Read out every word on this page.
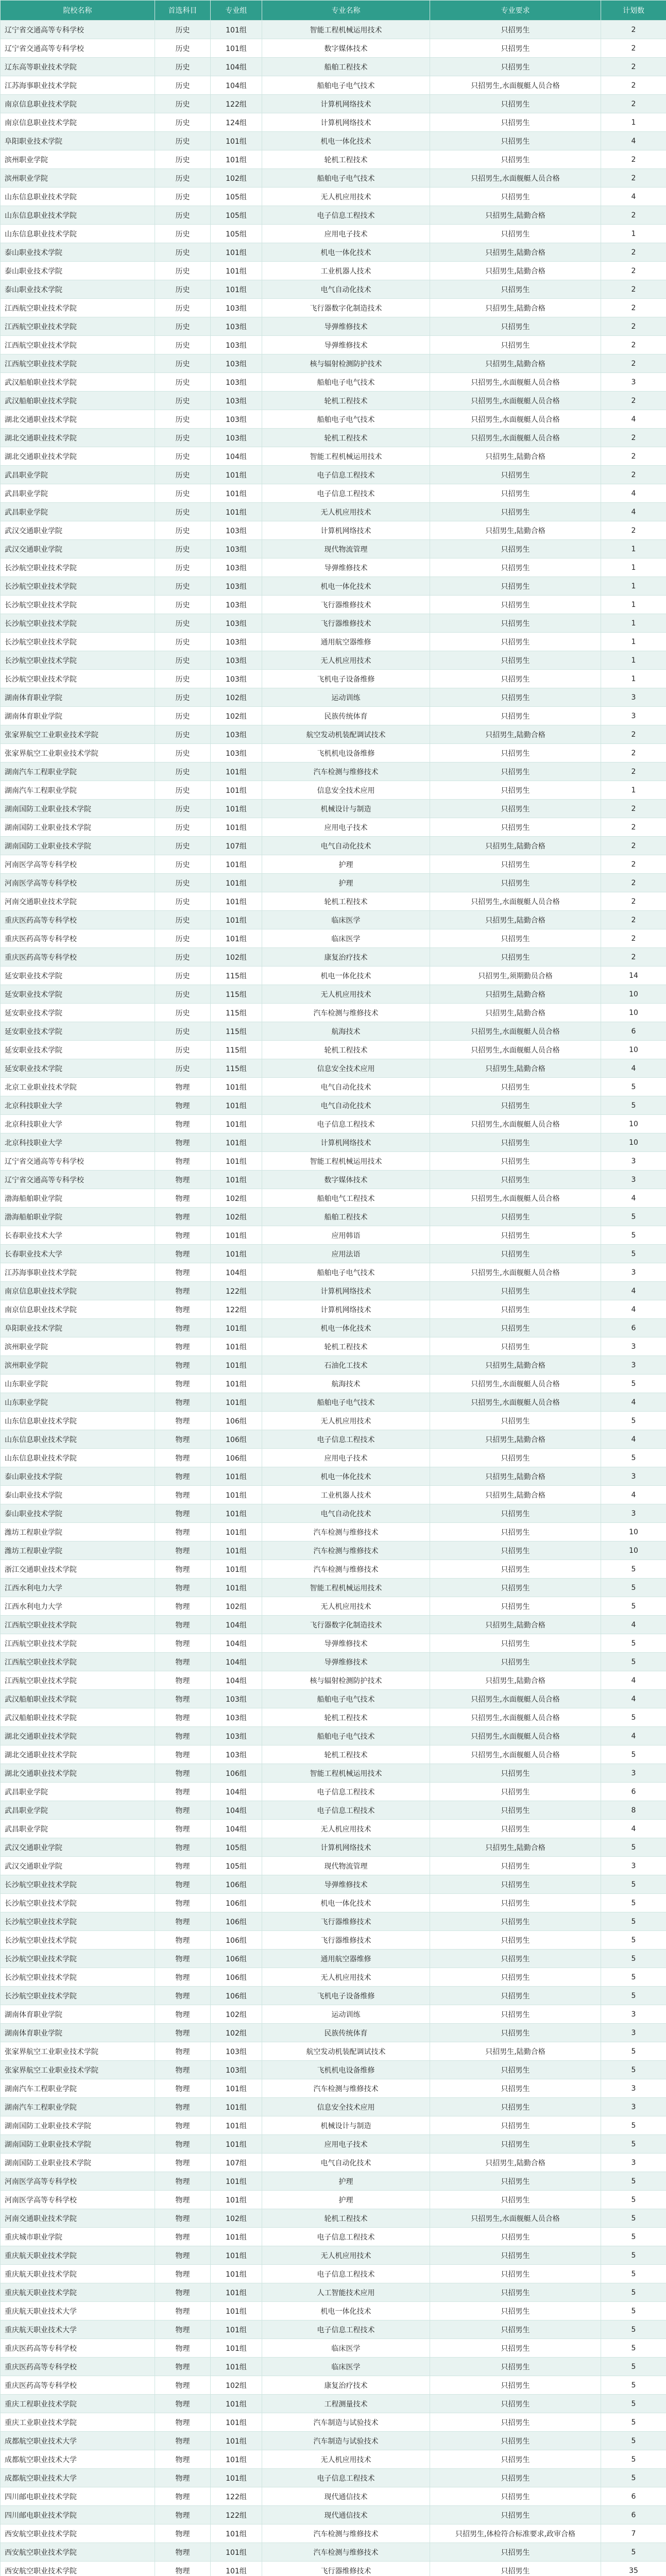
院校名称	首选科目	专业组	专业名称	专业要求	计划数
辽宁省交通高等专科学校	历史	101组	智能工程机械运用技术	只招男生	2
辽宁省交通高等专科学校	历史	101组	数字媒体技术	只招男生	2
辽东高等职业技术学院	历史	104组	船舶工程技术	只招男生	2
江苏海事职业技术学院	历史	104组	船舶电子电气技术	只招男生,水面舰艇人员合格	2
南京信息职业技术学院	历史	122组	计算机网络技术	只招男生	2
南京信息职业技术学院	历史	124组	计算机网络技术	只招男生	1
阜阳职业技术学院	历史	101组	机电一体化技术	只招男生	4
滨州职业学院	历史	101组	轮机工程技术	只招男生	2
滨州职业学院	历史	102组	船舶电子电气技术	只招男生,水面舰艇人员合格	2
山东信息职业技术学院	历史	105组	无人机应用技术	只招男生	4
山东信息职业技术学院	历史	105组	电子信息工程技术	只招男生,陆勤合格	2
山东信息职业技术学院	历史	105组	应用电子技术	只招男生	1
泰山职业技术学院	历史	101组	机电一体化技术	只招男生,陆勤合格	2
泰山职业技术学院	历史	101组	工业机器人技术	只招男生,陆勤合格	2
泰山职业技术学院	历史	101组	电气自动化技术	只招男生	2
江西航空职业技术学院	历史	103组	飞行器数字化制造技术	只招男生,陆勤合格	2
江西航空职业技术学院	历史	103组	导弹维修技术	只招男生	2
江西航空职业技术学院	历史	103组	导弹维修技术	只招男生	2
江西航空职业技术学院	历史	103组	核与辐射检测防护技术	只招男生,陆勤合格	2
武汉船舶职业技术学院	历史	103组	船舶电子电气技术	只招男生,水面舰艇人员合格	3
武汉船舶职业技术学院	历史	103组	轮机工程技术	只招男生,水面舰艇人员合格	2
湖北交通职业技术学院	历史	103组	船舶电子电气技术	只招男生,水面舰艇人员合格	4
湖北交通职业技术学院	历史	103组	轮机工程技术	只招男生,水面舰艇人员合格	2
湖北交通职业技术学院	历史	104组	智能工程机械运用技术	只招男生,陆勤合格	2
武昌职业学院	历史	101组	电子信息工程技术	只招男生	2
武昌职业学院	历史	101组	电子信息工程技术	只招男生	4
武昌职业学院	历史	101组	无人机应用技术	只招男生	4
武汉交通职业学院	历史	103组	计算机网络技术	只招男生,陆勤合格	2
武汉交通职业学院	历史	103组	现代物流管理	只招男生	1
长沙航空职业技术学院	历史	103组	导弹维修技术	只招男生	1
长沙航空职业技术学院	历史	103组	机电一体化技术	只招男生	1
长沙航空职业技术学院	历史	103组	飞行器维修技术	只招男生	1
长沙航空职业技术学院	历史	103组	飞行器维修技术	只招男生	1
长沙航空职业技术学院	历史	103组	通用航空器维修	只招男生	1
长沙航空职业技术学院	历史	103组	无人机应用技术	只招男生	1
长沙航空职业技术学院	历史	103组	飞机电子设备维修	只招男生	1
湖南体育职业学院	历史	102组	运动训练	只招男生	3
湖南体育职业学院	历史	102组	民族传统体育	只招男生	3
张家界航空工业职业技术学院	历史	103组	航空发动机装配调试技术	只招男生,陆勤合格	2
张家界航空工业职业技术学院	历史	103组	飞机机电设备维修	只招男生	2
湖南汽车工程职业学院	历史	101组	汽车检测与维修技术	只招男生	2
湖南汽车工程职业学院	历史	101组	信息安全技术应用	只招男生	1
湖南国防工业职业技术学院	历史	101组	机械设计与制造	只招男生	2
湖南国防工业职业技术学院	历史	101组	应用电子技术	只招男生	2
湖南国防工业职业技术学院	历史	107组	电气自动化技术	只招男生,陆勤合格	2
河南医学高等专科学校	历史	101组	护理	只招男生	2
河南医学高等专科学校	历史	101组	护理	只招男生	2
河南交通职业技术学院	历史	101组	轮机工程技术	只招男生,水面舰艇人员合格	2
重庆医药高等专科学校	历史	101组	临床医学	只招男生,陆勤合格	2
重庆医药高等专科学校	历史	101组	临床医学	只招男生	2
重庆医药高等专科学校	历史	102组	康复治疗技术	只招男生	2
延安职业技术学院	历史	115组	机电一体化技术	只招男生,须期勤员合格	14
延安职业技术学院	历史	115组	无人机应用技术	只招男生,陆勤合格	10
延安职业技术学院	历史	115组	汽车检测与维修技术	只招男生,陆勤合格	10
延安职业技术学院	历史	115组	航海技术	只招男生,水面舰艇人员合格	6
延安职业技术学院	历史	115组	轮机工程技术	只招男生,水面舰艇人员合格	10
延安职业技术学院	历史	115组	信息安全技术应用	只招男生,陆勤合格	4
北京工业职业技术学院	物理	101组	电气自动化技术	只招男生	5
北京科技职业大学	物理	101组	电气自动化技术	只招男生	5
北京科技职业大学	物理	101组	电子信息工程技术	只招男生,水面舰艇人员合格	10
北京科技职业大学	物理	101组	计算机网络技术	只招男生	10
辽宁省交通高等专科学校	物理	101组	智能工程机械运用技术	只招男生	3
辽宁省交通高等专科学校	物理	101组	数字媒体技术	只招男生	3
渤海船舶职业学院	物理	102组	船舶电气工程技术	只招男生,水面舰艇人员合格	4
渤海船舶职业学院	物理	102组	船舶工程技术	只招男生	5
长春职业技术大学	物理	101组	应用韩语	只招男生	5
长春职业技术大学	物理	101组	应用法语	只招男生	5
江苏海事职业技术学院	物理	104组	船舶电子电气技术	只招男生,水面舰艇人员合格	3
南京信息职业技术学院	物理	122组	计算机网络技术	只招男生	4
南京信息职业技术学院	物理	122组	计算机网络技术	只招男生	4
阜阳职业技术学院	物理	101组	机电一体化技术	只招男生	6
滨州职业学院	物理	101组	轮机工程技术	只招男生	3
滨州职业学院	物理	101组	石油化工技术	只招男生,陆勤合格	3
山东职业学院	物理	101组	航海技术	只招男生,水面舰艇人员合格	5
山东职业学院	物理	101组	船舶电子电气技术	只招男生,水面舰艇人员合格	4
山东信息职业技术学院	物理	106组	无人机应用技术	只招男生	5
山东信息职业技术学院	物理	106组	电子信息工程技术	只招男生,陆勤合格	4
山东信息职业技术学院	物理	106组	应用电子技术	只招男生	5
泰山职业技术学院	物理	101组	机电一体化技术	只招男生,陆勤合格	3
泰山职业技术学院	物理	101组	工业机器人技术	只招男生,陆勤合格	4
泰山职业技术学院	物理	101组	电气自动化技术	只招男生	3
潍坊工程职业学院	物理	101组	汽车检测与维修技术	只招男生	10
潍坊工程职业学院	物理	101组	汽车检测与维修技术	只招男生	10
浙江交通职业技术学院	物理	101组	汽车检测与维修技术	只招男生	5
江西水利电力大学	物理	101组	智能工程机械运用技术	只招男生	5
江西水利电力大学	物理	102组	无人机应用技术	只招男生	5
江西航空职业技术学院	物理	104组	飞行器数字化制造技术	只招男生,陆勤合格	4
江西航空职业技术学院	物理	104组	导弹维修技术	只招男生	5
江西航空职业技术学院	物理	104组	导弹维修技术	只招男生	5
江西航空职业技术学院	物理	104组	核与辐射检测防护技术	只招男生,陆勤合格	4
武汉船舶职业技术学院	物理	103组	船舶电子电气技术	只招男生,水面舰艇人员合格	4
武汉船舶职业技术学院	物理	103组	轮机工程技术	只招男生,水面舰艇人员合格	5
湖北交通职业技术学院	物理	103组	船舶电子电气技术	只招男生,水面舰艇人员合格	4
湖北交通职业技术学院	物理	103组	轮机工程技术	只招男生,水面舰艇人员合格	5
湖北交通职业技术学院	物理	106组	智能工程机械运用技术	只招男生	3
武昌职业学院	物理	104组	电子信息工程技术	只招男生	6
武昌职业学院	物理	104组	电子信息工程技术	只招男生	8
武昌职业学院	物理	104组	无人机应用技术	只招男生	4
武汉交通职业学院	物理	105组	计算机网络技术	只招男生,陆勤合格	5
武汉交通职业学院	物理	105组	现代物流管理	只招男生	3
长沙航空职业技术学院	物理	106组	导弹维修技术	只招男生	5
长沙航空职业技术学院	物理	106组	机电一体化技术	只招男生	5
长沙航空职业技术学院	物理	106组	飞行器维修技术	只招男生	5
长沙航空职业技术学院	物理	106组	飞行器维修技术	只招男生	5
长沙航空职业技术学院	物理	106组	通用航空器维修	只招男生	5
长沙航空职业技术学院	物理	106组	无人机应用技术	只招男生	5
长沙航空职业技术学院	物理	106组	飞机电子设备维修	只招男生	5
湖南体育职业学院	物理	102组	运动训练	只招男生	3
湖南体育职业学院	物理	102组	民族传统体育	只招男生	3
张家界航空工业职业技术学院	物理	103组	航空发动机装配调试技术	只招男生,陆勤合格	5
张家界航空工业职业技术学院	物理	103组	飞机机电设备维修	只招男生	5
湖南汽车工程职业学院	物理	101组	汽车检测与维修技术	只招男生	3
湖南汽车工程职业学院	物理	101组	信息安全技术应用	只招男生	3
湖南国防工业职业技术学院	物理	101组	机械设计与制造	只招男生	5
湖南国防工业职业技术学院	物理	101组	应用电子技术	只招男生	5
湖南国防工业职业技术学院	物理	107组	电气自动化技术	只招男生,陆勤合格	3
河南医学高等专科学校	物理	101组	护理	只招男生	5
河南医学高等专科学校	物理	101组	护理	只招男生	5
河南交通职业技术学院	物理	102组	轮机工程技术	只招男生,水面舰艇人员合格	5
重庆城市职业学院	物理	101组	电子信息工程技术	只招男生	5
重庆航天职业技术学院	物理	101组	无人机应用技术	只招男生	5
重庆航天职业技术学院	物理	101组	电子信息工程技术	只招男生	5
重庆航天职业技术学院	物理	101组	人工智能技术应用	只招男生	5
重庆航天职业技术大学	物理	101组	机电一体化技术	只招男生	5
重庆航天职业技术大学	物理	101组	电子信息工程技术	只招男生	5
重庆医药高等专科学校	物理	101组	临床医学	只招男生	5
重庆医药高等专科学校	物理	101组	临床医学	只招男生	5
重庆医药高等专科学校	物理	102组	康复治疗技术	只招男生	5
重庆工程职业技术学院	物理	101组	工程测量技术	只招男生	5
重庆工业职业技术学院	物理	101组	汽车制造与试验技术	只招男生	5
成都航空职业技术大学	物理	101组	汽车制造与试验技术	只招男生	5
成都航空职业技术大学	物理	101组	无人机应用技术	只招男生	5
成都航空职业技术大学	物理	101组	电子信息工程技术	只招男生	5
四川邮电职业技术学院	物理	122组	现代通信技术	只招男生	6
四川邮电职业技术学院	物理	122组	现代通信技术	只招男生	6
西安航空职业技术学院	物理	101组	汽车检测与维修技术	只招男生,体检符合标准要求,政审合格	7
西安航空职业技术学院	物理	101组	汽车检测与维修技术	只招男生	5
西安航空职业技术学院	物理	101组	飞行器维修技术	只招男生	35
